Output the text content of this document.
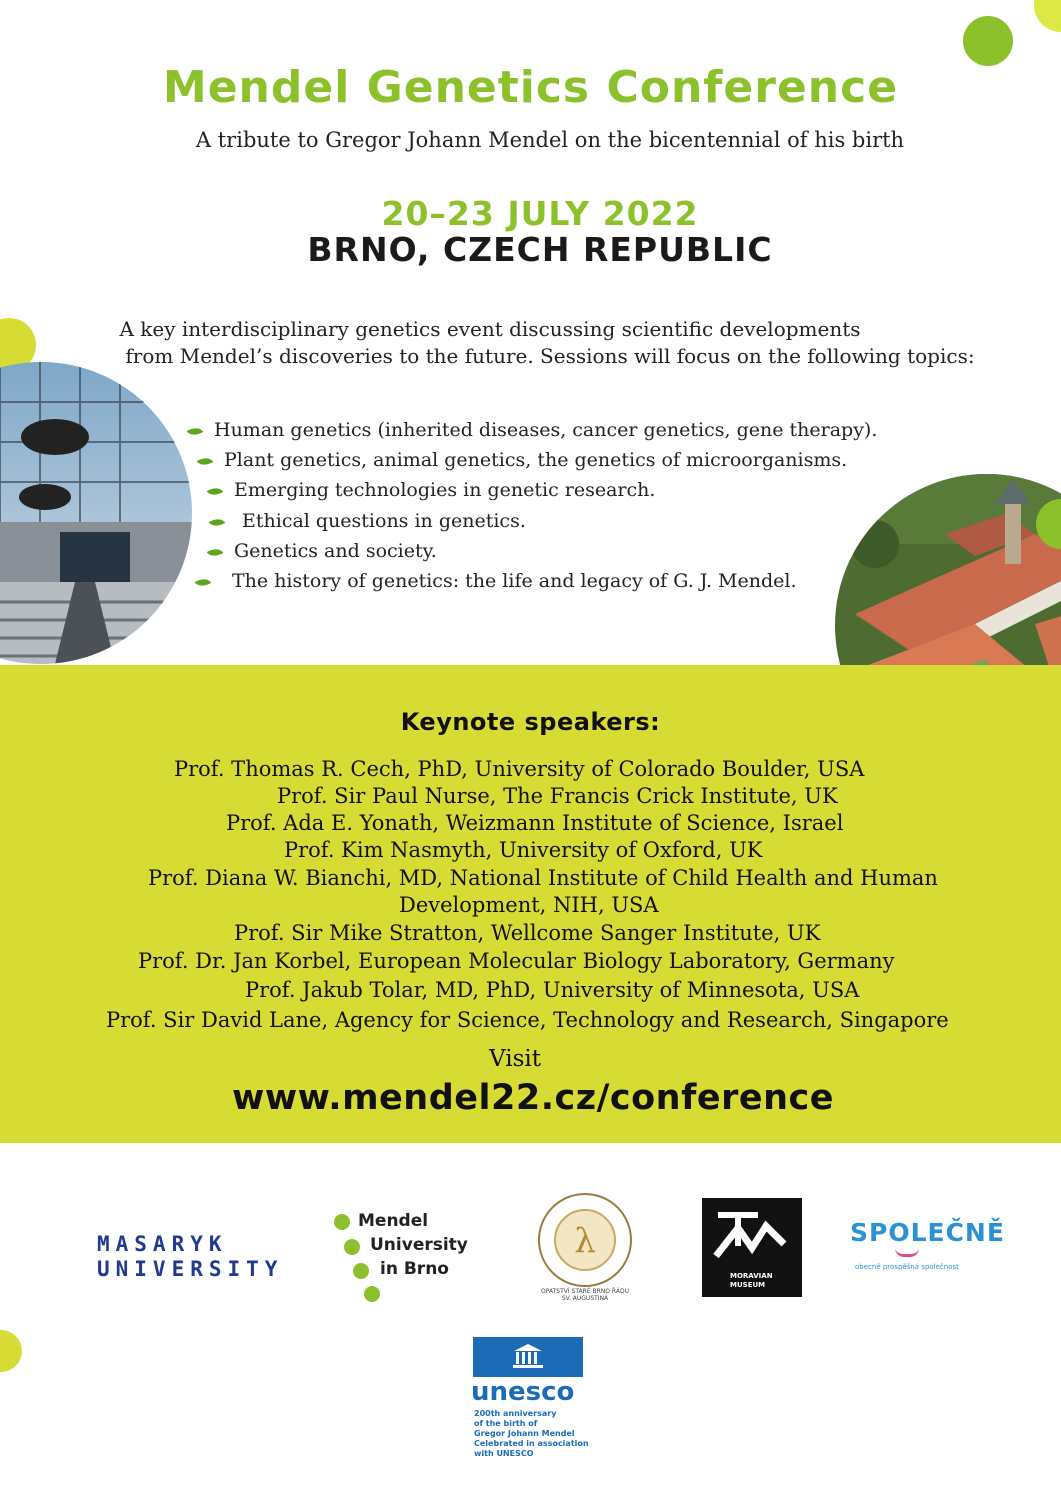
Mendel Genetics Conference
A tribute to Gregor Johann Mendel on the bicentennial of his birth
20–23 JULY 2022
BRNO, CZECH REPUBLIC
A key interdisciplinary genetics event discussing scientific developments
from Mendel’s discoveries to the future. Sessions will focus on the following topics:
Human genetics (inherited diseases, cancer genetics, gene therapy).
Plant genetics, animal genetics, the genetics of microorganisms.
Emerging technologies in genetic research.
Ethical questions in genetics.
Genetics and society.
The history of genetics: the life and legacy of G. J. Mendel.
Keynote speakers:
Prof. Thomas R. Cech, PhD, University of Colorado Boulder, USA
Prof. Sir Paul Nurse, The Francis Crick Institute, UK
Prof. Ada E. Yonath, Weizmann Institute of Science, Israel
Prof. Kim Nasmyth, University of Oxford, UK
Prof. Diana W. Bianchi, MD, National Institute of Child Health and Human
Development, NIH, USA
Prof. Sir Mike Stratton, Wellcome Sanger Institute, UK
Prof. Dr. Jan Korbel, European Molecular Biology Laboratory, Germany
Prof. Jakub Tolar, MD, PhD, University of Minnesota, USA
Prof. Sir David Lane, Agency for Science, Technology and Research, Singapore
Visit
www.mendel22.cz/conference
MASARYK
UNIVERSITY
Mendel
University
in Brno
λ
OPATSTVÍ STARÉ BRNO ŘÁDU SV. AUGUSTINA
MORAVIAN
MUSEUM
SPOLEČNĚ
obecně prospěšná společnost
unesco
200th anniversary
of the birth of
Gregor Johann Mendel
Celebrated in association
with UNESCO
